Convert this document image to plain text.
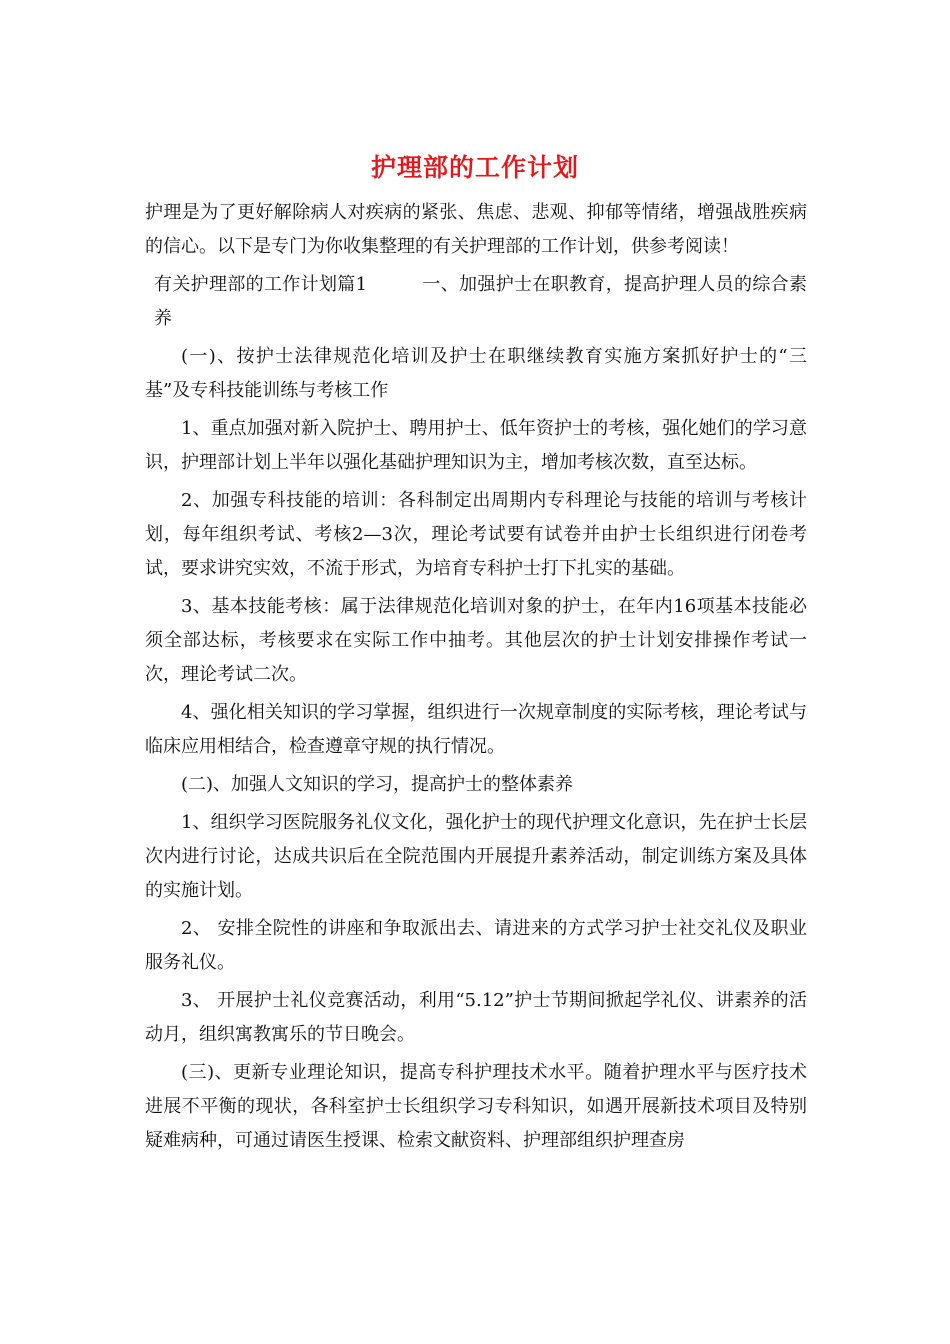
护理部的工作计划

护理是为了更好解除病人对疾病的紧张、焦虑、悲观、抑郁等情绪，增强战胜疾病的信心。以下是专门为你收集整理的有关护理部的工作计划，供参考阅读！

有关护理部的工作计划篇1　　　一、加强护士在职教育，提高护理人员的综合素养

(一)、按护士法律规范化培训及护士在职继续教育实施方案抓好护士的“三基”及专科技能训练与考核工作

1、重点加强对新入院护士、聘用护士、低年资护士的考核，强化她们的学习意识，护理部计划上半年以强化基础护理知识为主，增加考核次数，直至达标。

2、加强专科技能的培训：各科制定出周期内专科理论与技能的培训与考核计划，每年组织考试、考核2—3次，理论考试要有试卷并由护士长组织进行闭卷考试，要求讲究实效，不流于形式，为培育专科护士打下扎实的基础。

3、基本技能考核：属于法律规范化培训对象的护士，在年内16项基本技能必须全部达标，考核要求在实际工作中抽考。其他层次的护士计划安排操作考试一次，理论考试二次。

4、强化相关知识的学习掌握，组织进行一次规章制度的实际考核，理论考试与临床应用相结合，检查遵章守规的执行情况。

(二)、加强人文知识的学习，提高护士的整体素养

1、组织学习医院服务礼仪文化，强化护士的现代护理文化意识，先在护士长层次内进行讨论，达成共识后在全院范围内开展提升素养活动，制定训练方案及具体的实施计划。

2、 安排全院性的讲座和争取派出去、请进来的方式学习护士社交礼仪及职业服务礼仪。

3、 开展护士礼仪竞赛活动，利用“5.12”护士节期间掀起学礼仪、讲素养的活动月，组织寓教寓乐的节日晚会。

(三)、更新专业理论知识，提高专科护理技术水平。随着护理水平与医疗技术进展不平衡的现状，各科室护士长组织学习专科知识，如遇开展新技术项目及特别疑难病种，可通过请医生授课、检索文献资料、护理部组织护理查房
